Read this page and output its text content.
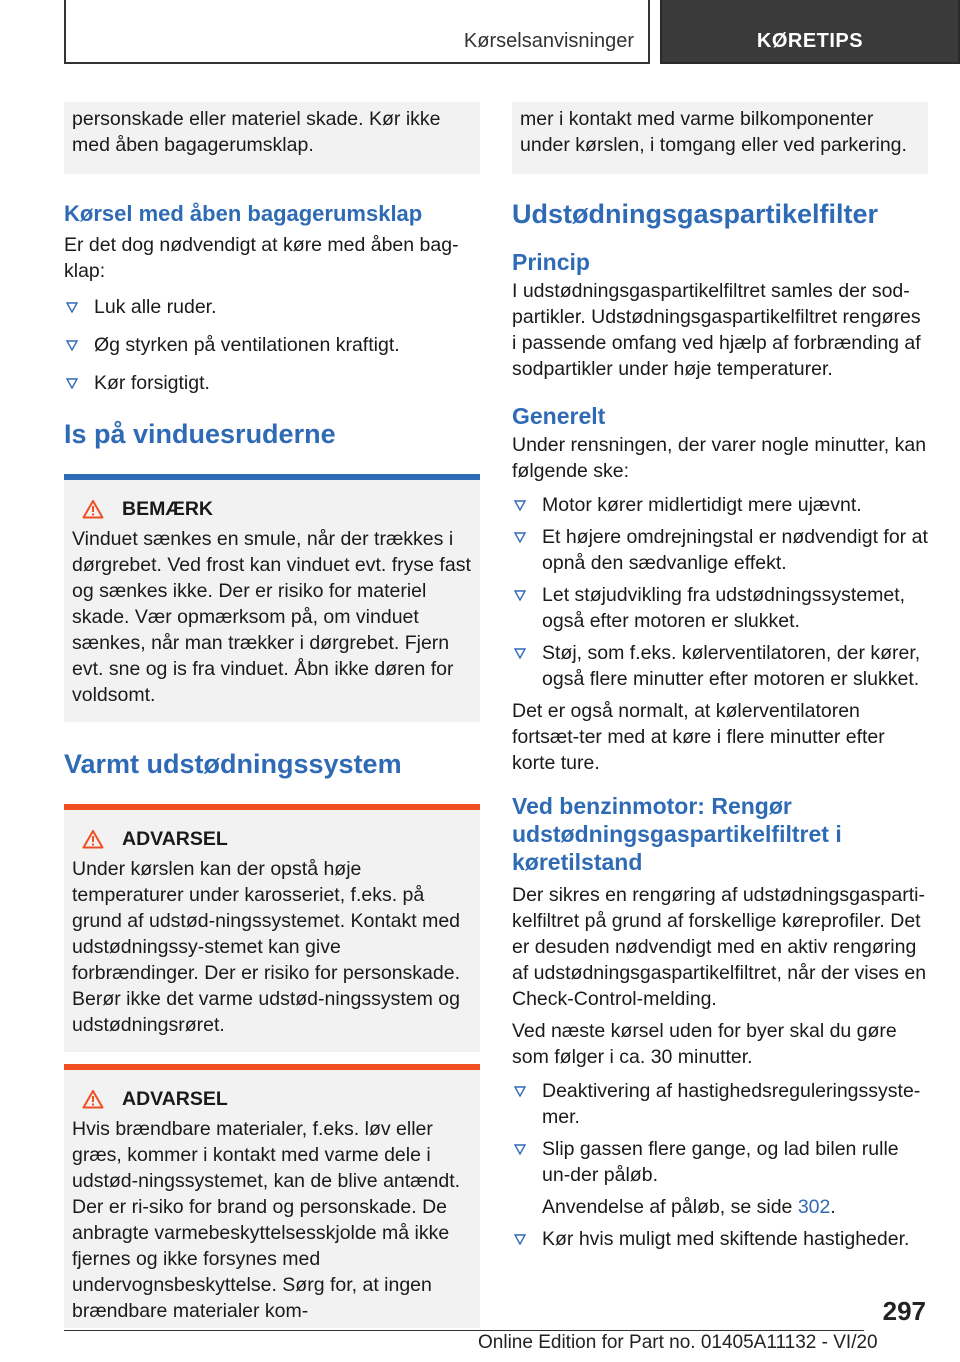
Kørselsanvisninger	KØRETIPS

personskade eller materiel skade. Kør ikke med åben bagagerumsklap.

Kørsel med åben bagagerumsklap

Er det dog nødvendigt at køre med åben bag-klap:

Luk alle ruder.
Øg styrken på ventilationen kraftigt.
Kør forsigtigt.
Is på vinduesruderne
BEMÆRK

Vinduet sænkes en smule, når der trækkes i dørgrebet. Ved frost kan vinduet evt. fryse fast og sænkes ikke. Der er risiko for materiel skade. Vær opmærksom på, om vinduet sænkes, når man trækker i dørgrebet. Fjern evt. sne og is fra vinduet. Åbn ikke døren for voldsomt.

Varmt udstødningssystem
ADVARSEL

Under kørslen kan der opstå høje temperaturer under karosseriet, f.eks. på grund af udstød-ningssystemet. Kontakt med udstødningssy-stemet kan give forbrændinger. Der er risiko for personskade. Berør ikke det varme udstød-ningssystem og udstødningsrøret.

ADVARSEL

Hvis brændbare materialer, f.eks. løv eller græs, kommer i kontakt med varme dele i udstød-ningssystemet, kan de blive antændt. Der er ri-siko for brand og personskade. De anbragte varmebeskyttelsesskjolde må ikke fjernes og ikke forsynes med undervognsbeskyttelse. Sørg for, at ingen brændbare materialer kom-

mer i kontakt med varme bilkomponenter under kørslen, i tomgang eller ved parkering.

Udstødningsgaspartikelfilter
Princip

I udstødningsgaspartikelfiltret samles der sod-partikler. Udstødningsgaspartikelfiltret rengøres i passende omfang ved hjælp af forbrænding af sodpartikler under høje temperaturer.

Generelt

Under rensningen, der varer nogle minutter, kan følgende ske:

Motor kører midlertidigt mere ujævnt.
Et højere omdrejningstal er nødvendigt for at opnå den sædvanlige effekt.
Let støjudvikling fra udstødningssystemet, også efter motoren er slukket.
Støj, som f.eks. kølerventilatoren, der kører, også flere minutter efter motoren er slukket.

Det er også normalt, at kølerventilatoren fortsæt-ter med at køre i flere minutter efter korte ture.

Ved benzinmotor: Rengør udstødningsgaspartikelfiltret i køretilstand

Der sikres en rengøring af udstødningsgasparti-kelfiltret på grund af forskellige køreprofiler. Det er desuden nødvendigt med en aktiv rengøring af udstødningsgaspartikelfiltret, når der vises en Check-Control-melding.

Ved næste kørsel uden for byer skal du gøre som følger i ca. 30 minutter.

Deaktivering af hastighedsreguleringssyste-mer.
Slip gassen flere gange, og lad bilen rulle un-der påløb.
Anvendelse af påløb, se side 302.
Kør hvis muligt med skiftende hastigheder.
297
Online Edition for Part no. 01405A11132 - VI/20
